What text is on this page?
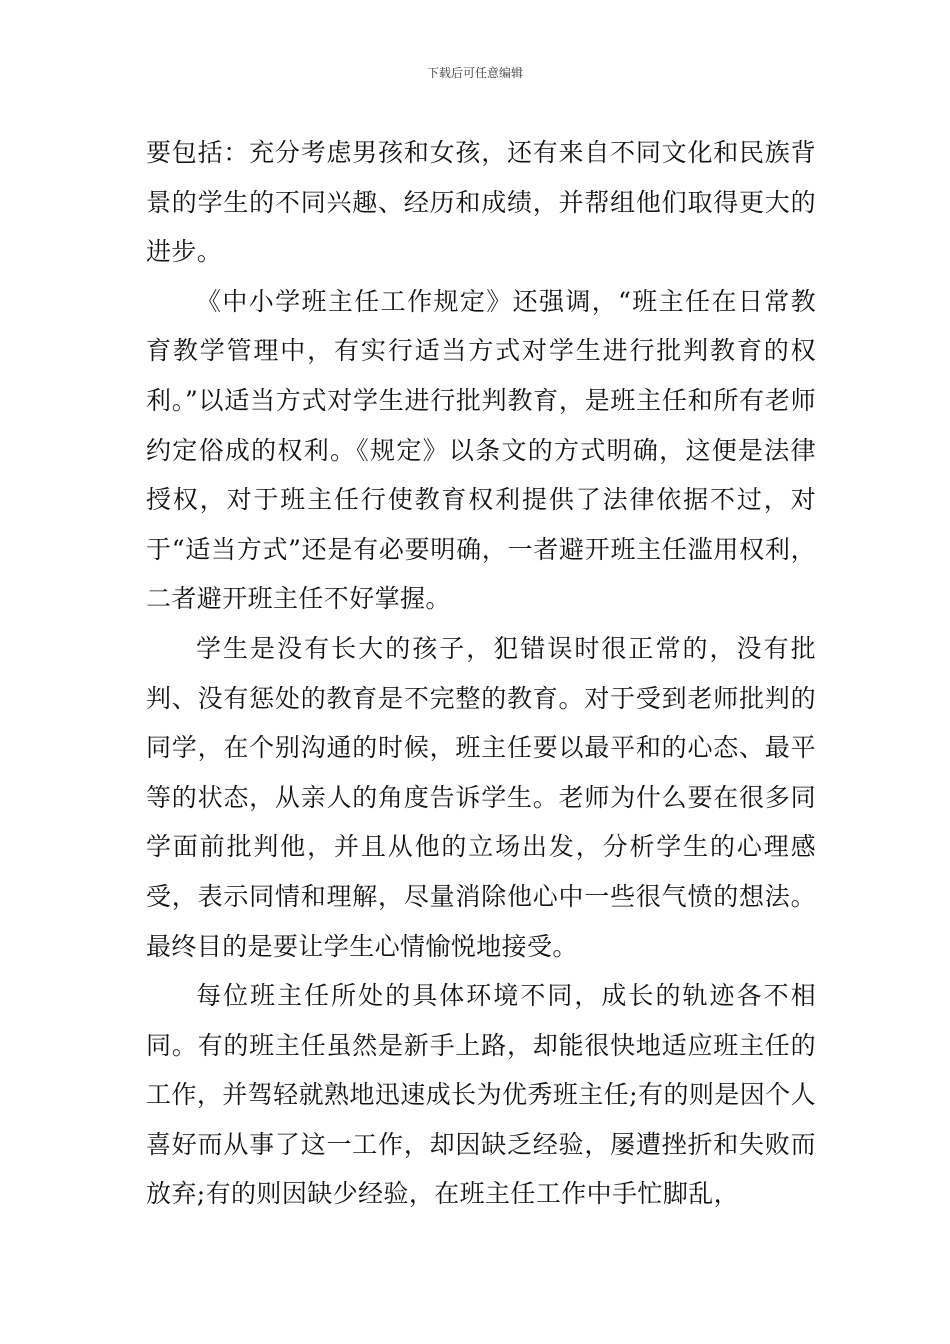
下载后可任意编辑

要包括：充分考虑男孩和女孩，还有来自不同文化和民族背景的学生的不同兴趣、经历和成绩，并帮组他们取得更大的进步。

《中小学班主任工作规定》还强调，“班主任在日常教育教学管理中，有实行适当方式对学生进行批判教育的权利。”以适当方式对学生进行批判教育，是班主任和所有老师约定俗成的权利。《规定》以条文的方式明确，这便是法律授权，对于班主任行使教育权利提供了法律依据不过，对于“适当方式”还是有必要明确，一者避开班主任滥用权利，二者避开班主任不好掌握。

学生是没有长大的孩子，犯错误时很正常的，没有批判、没有惩处的教育是不完整的教育。对于受到老师批判的同学，在个别沟通的时候，班主任要以最平和的心态、最平等的状态，从亲人的角度告诉学生。老师为什么要在很多同学面前批判他，并且从他的立场出发，分析学生的心理感受，表示同情和理解，尽量消除他心中一些很气愤的想法。最终目的是要让学生心情愉悦地接受。

每位班主任所处的具体环境不同，成长的轨迹各不相同。有的班主任虽然是新手上路，却能很快地适应班主任的工作，并驾轻就熟地迅速成长为优秀班主任;有的则是因个人喜好而从事了这一工作，却因缺乏经验，屡遭挫折和失败而放弃;有的则因缺少经验，在班主任工作中手忙脚乱，
